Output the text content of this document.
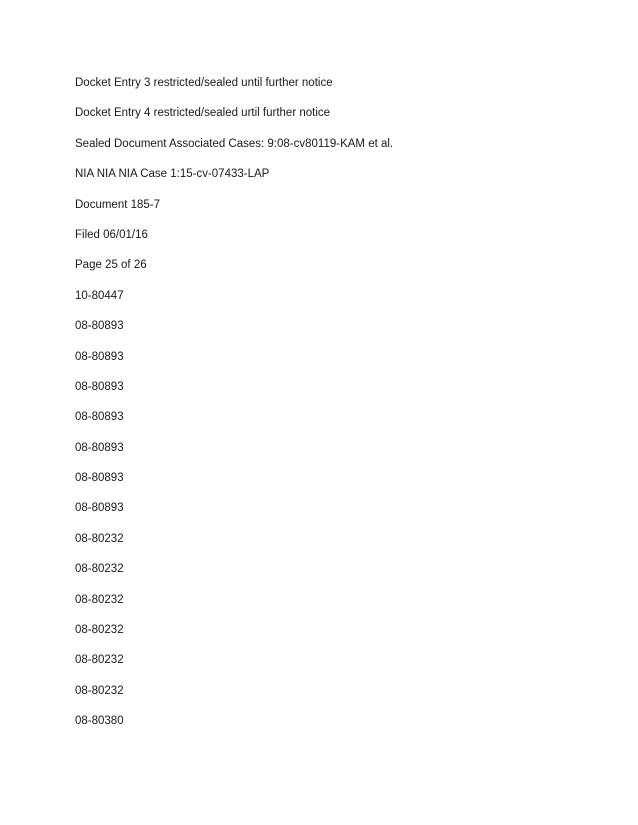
Docket Entry 3 restricted/sealed until further notice
Docket Entry 4 restricted/sealed urtil further notice
Sealed Document Associated Cases: 9:08-cv80119-KAM et al.
NIA NIA NIA Case 1:15-cv-07433-LAP
Document 185-7
Filed 06/01/16
Page 25 of 26
10-80447
08-80893
08-80893
08-80893
08-80893
08-80893
08-80893
08-80893
08-80232
08-80232
08-80232
08-80232
08-80232
08-80232
08-80380
